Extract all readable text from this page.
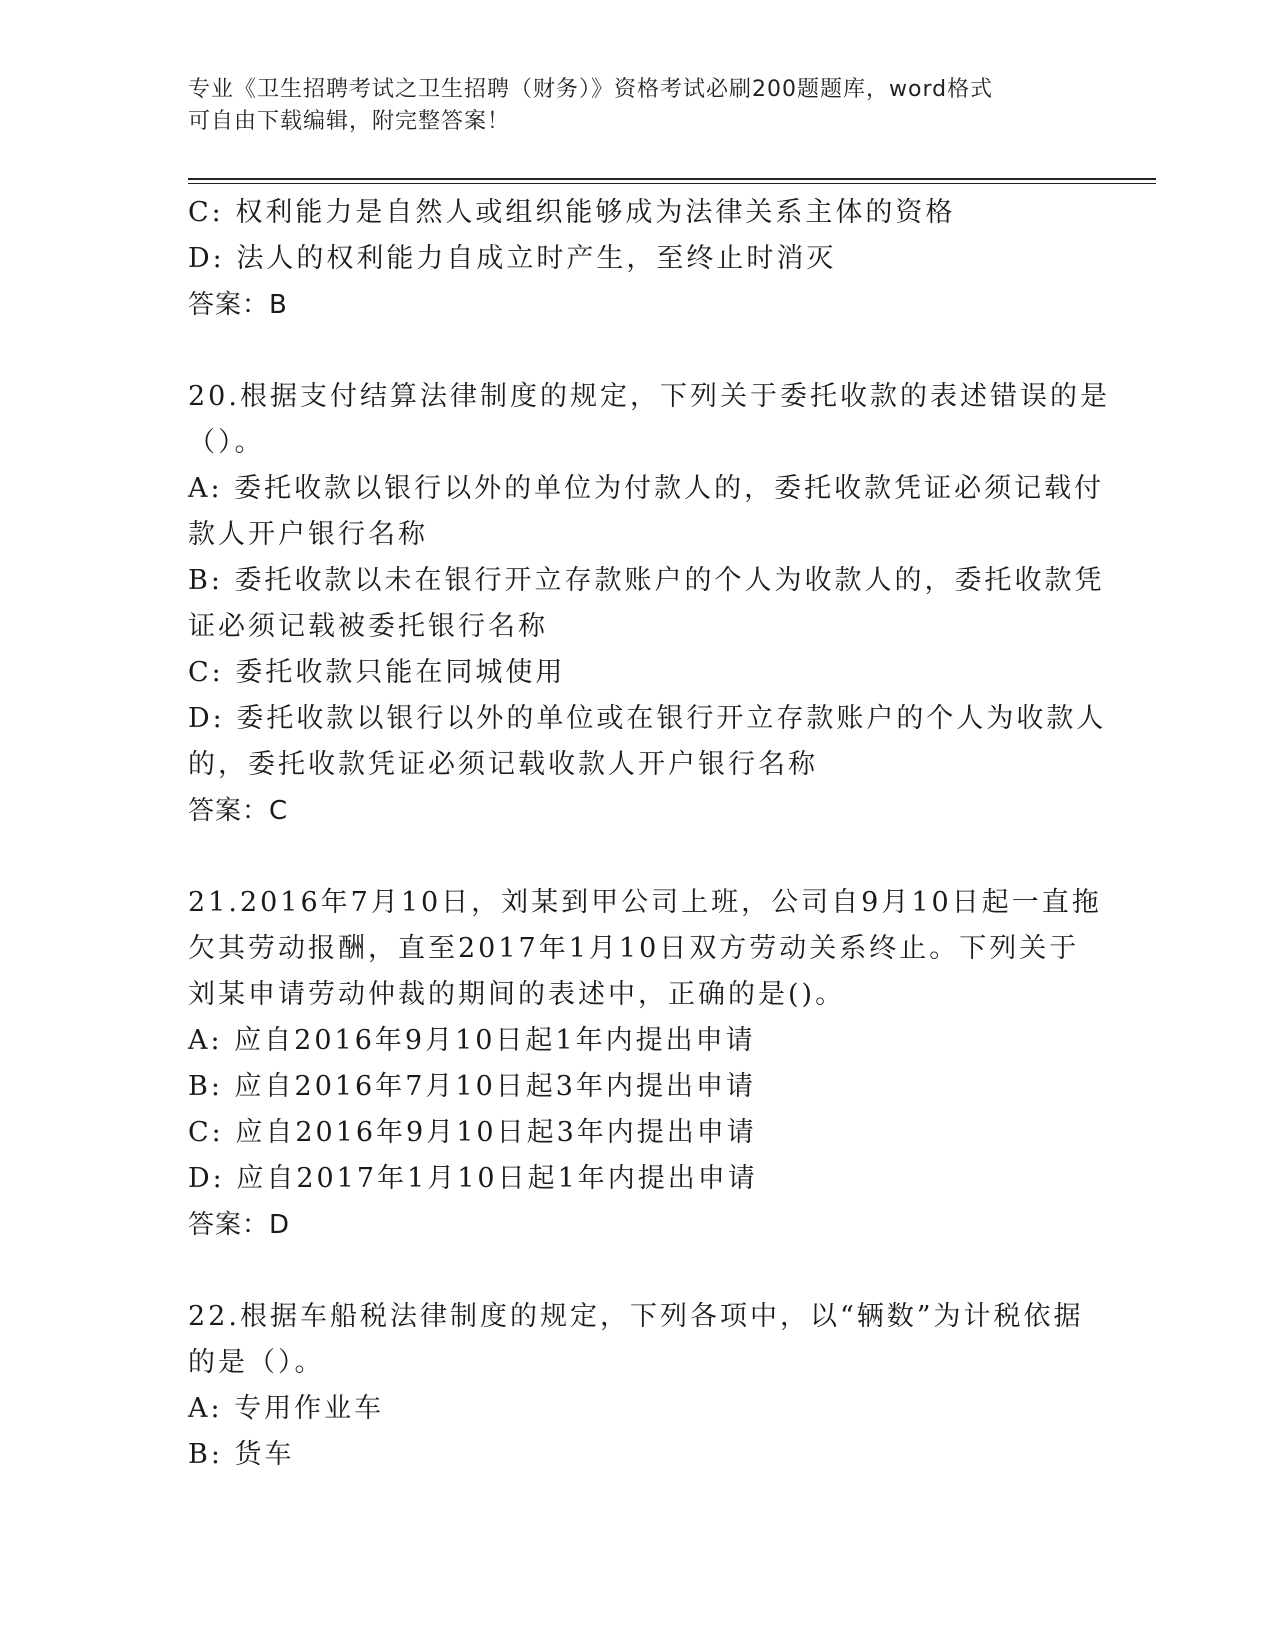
专业《卫生招聘考试之卫生招聘（财务）》资格考试必刷200题题库，word格式
可自由下载编辑，附完整答案！
C: 权利能力是自然人或组织能够成为法律关系主体的资格
D: 法人的权利能力自成立时产生，至终止时消灭
答案：B
20.根据支付结算法律制度的规定，下列关于委托收款的表述错误的是
（）。
A: 委托收款以银行以外的单位为付款人的，委托收款凭证必须记载付
款人开户银行名称
B: 委托收款以未在银行开立存款账户的个人为收款人的，委托收款凭
证必须记载被委托银行名称
C: 委托收款只能在同城使用
D: 委托收款以银行以外的单位或在银行开立存款账户的个人为收款人
的，委托收款凭证必须记载收款人开户银行名称
答案：C
21.2016年7月10日，刘某到甲公司上班，公司自9月10日起一直拖
欠其劳动报酬，直至2017年1月10日双方劳动关系终止。下列关于
刘某申请劳动仲裁的期间的表述中，正确的是()。
A: 应自2016年9月10日起1年内提出申请
B: 应自2016年7月10日起3年内提出申请
C: 应自2016年9月10日起3年内提出申请
D: 应自2017年1月10日起1年内提出申请
答案：D
22.根据车船税法律制度的规定，下列各项中，以“辆数”为计税依据
的是（）。
A: 专用作业车
B: 货车
